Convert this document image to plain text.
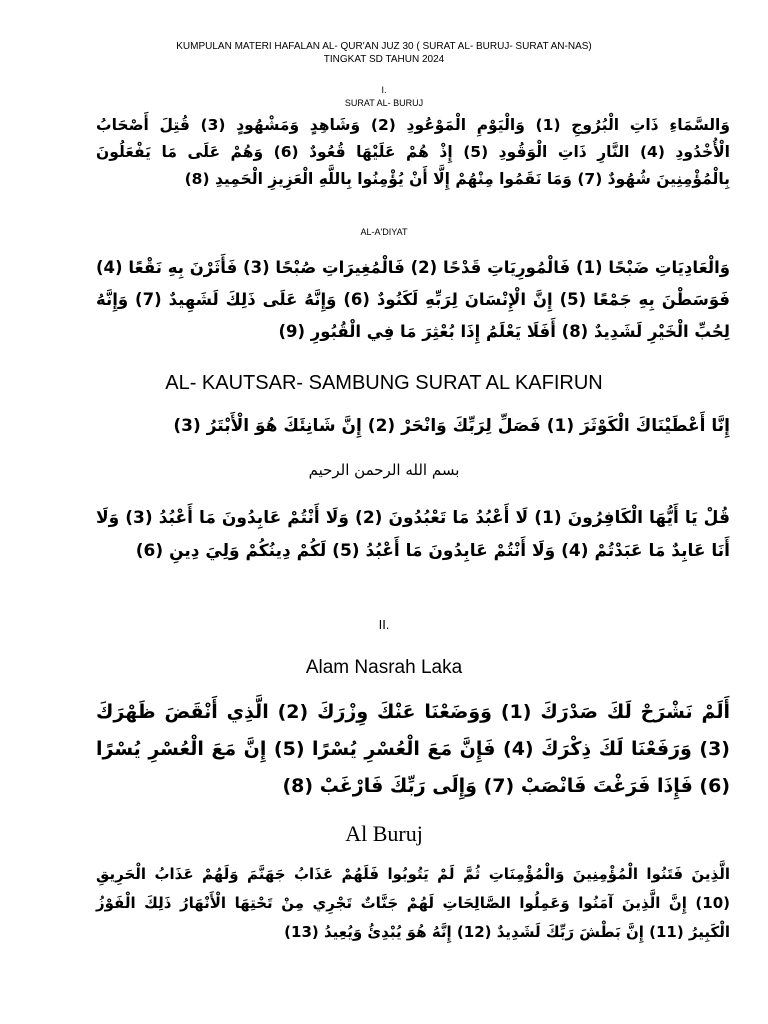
KUMPULAN MATERI HAFALAN AL- QUR'AN JUZ 30 ( SURAT AL- BURUJ- SURAT AN-NAS)
TINGKAT SD TAHUN 2024
I.
SURAT AL- BURUJ
وَالسَّمَاءِ ذَاتِ الْبُرُوجِ (1) وَالْيَوْمِ الْمَوْعُودِ (2) وَشَاهِدٍ وَمَشْهُودٍ (3) قُتِلَ أَصْحَابُ الْأُخْدُودِ (4) النَّارِ ذَاتِ الْوَقُودِ (5) إِذْ هُمْ عَلَيْهَا قُعُودٌ (6) وَهُمْ عَلَى مَا يَفْعَلُونَ بِالْمُؤْمِنِينَ شُهُودٌ (7) وَمَا نَقَمُوا مِنْهُمْ إِلَّا أَنْ يُؤْمِنُوا بِاللَّهِ الْعَزِيزِ الْحَمِيدِ (8)
AL-A'DIYAT
وَالْعَادِيَاتِ ضَبْحًا (1) فَالْمُورِيَاتِ قَدْحًا (2) فَالْمُغِيرَاتِ صُبْحًا (3) فَأَثَرْنَ بِهِ نَقْعًا (4) فَوَسَطْنَ بِهِ جَمْعًا (5) إِنَّ الْإِنْسَانَ لِرَبِّهِ لَكَنُودٌ (6) وَإِنَّهُ عَلَى ذَلِكَ لَشَهِيدٌ (7) وَإِنَّهُ لِحُبِّ الْخَيْرِ لَشَدِيدٌ (8) أَفَلَا يَعْلَمُ إِذَا بُعْثِرَ مَا فِي الْقُبُورِ (9)
AL- KAUTSAR- SAMBUNG SURAT AL KAFIRUN
إِنَّا أَعْطَيْنَاكَ الْكَوْثَرَ (1) فَصَلِّ لِرَبِّكَ وَانْحَرْ (2) إِنَّ شَانِئَكَ هُوَ الْأَبْتَرُ (3)
بسم الله الرحمن الرحيم
قُلْ يَا أَيُّهَا الْكَافِرُونَ (1) لَا أَعْبُدُ مَا تَعْبُدُونَ (2) وَلَا أَنْتُمْ عَابِدُونَ مَا أَعْبُدُ (3) وَلَا أَنَا عَابِدٌ مَا عَبَدْتُمْ (4) وَلَا أَنْتُمْ عَابِدُونَ مَا أَعْبُدُ (5) لَكُمْ دِينُكُمْ وَلِيَ دِينِ (6)
II.
Alam Nasrah Laka
أَلَمْ نَشْرَحْ لَكَ صَدْرَكَ (1) وَوَضَعْنَا عَنْكَ وِزْرَكَ (2) الَّذِي أَنْقَضَ ظَهْرَكَ (3) وَرَفَعْنَا لَكَ ذِكْرَكَ (4) فَإِنَّ مَعَ الْعُسْرِ يُسْرًا (5) إِنَّ مَعَ الْعُسْرِ يُسْرًا (6) فَإِذَا فَرَغْتَ فَانْصَبْ (7) وَإِلَى رَبِّكَ فَارْغَبْ (8)
Al Buruj
الَّذِينَ فَتَنُوا الْمُؤْمِنِينَ وَالْمُؤْمِنَاتِ ثُمَّ لَمْ يَتُوبُوا فَلَهُمْ عَذَابُ جَهَنَّمَ وَلَهُمْ عَذَابُ الْحَرِيقِ (10) إِنَّ الَّذِينَ آمَنُوا وَعَمِلُوا الصَّالِحَاتِ لَهُمْ جَنَّاتٌ تَجْرِي مِنْ تَحْتِهَا الْأَنْهَارُ ذَلِكَ الْفَوْزُ الْكَبِيرُ (11) إِنَّ بَطْشَ رَبِّكَ لَشَدِيدٌ (12) إِنَّهُ هُوَ يُبْدِئُ وَيُعِيدُ (13)
